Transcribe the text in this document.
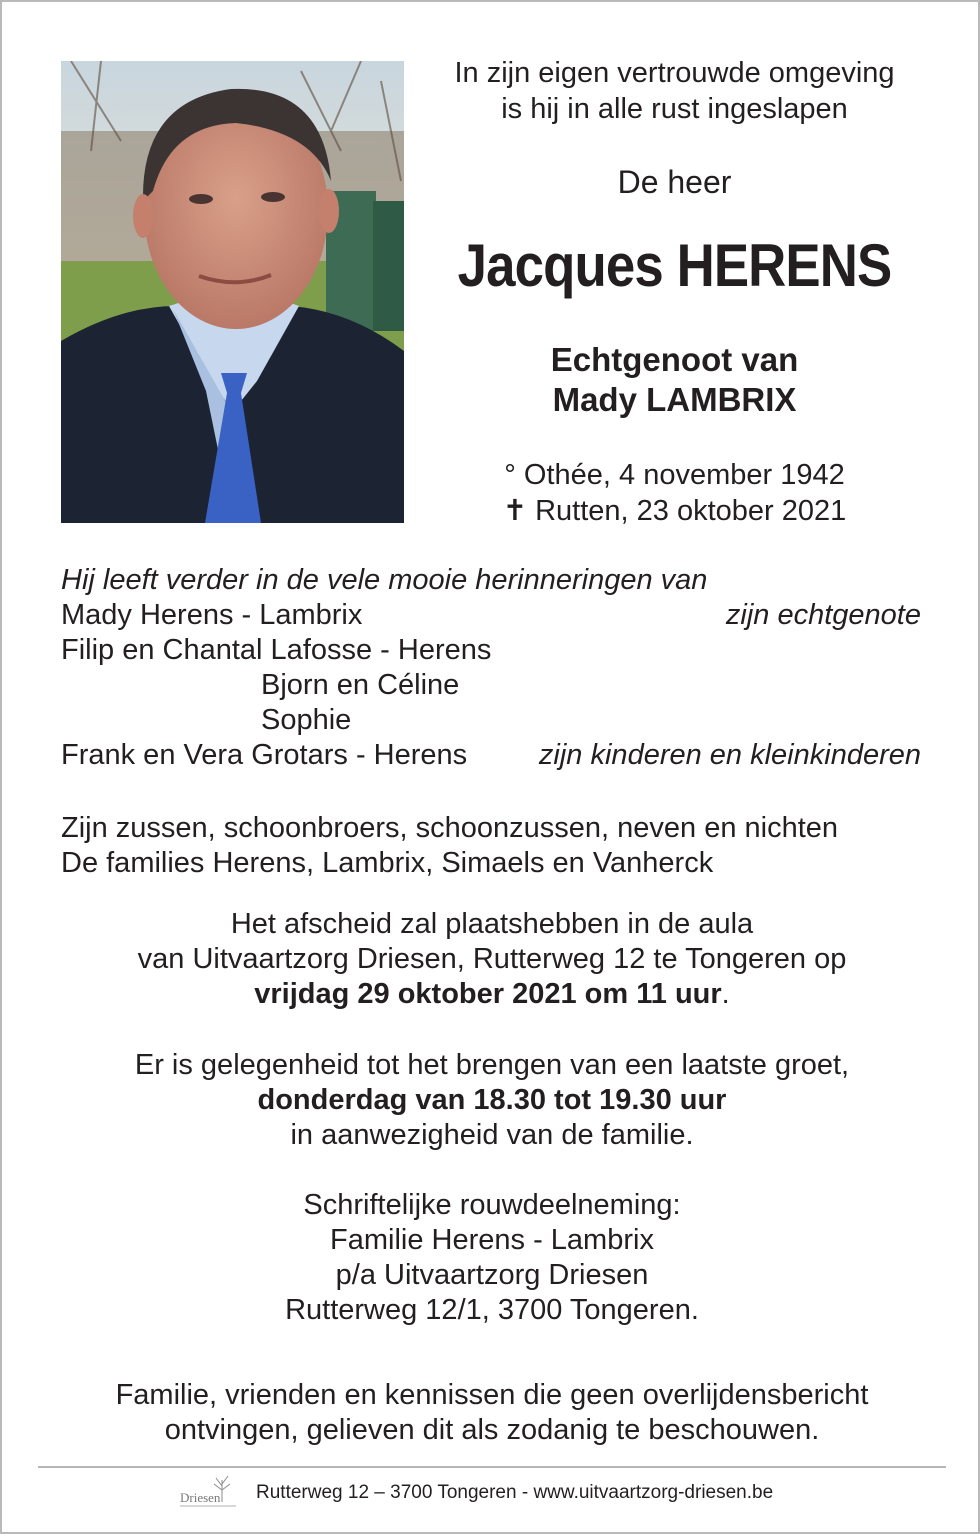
In zijn eigen vertrouwde omgeving
is hij in alle rust ingeslapen
De heer
Jacques HERENS
Echtgenoot van
Mady LAMBRIX
° Othée, 4 november 1942
✝ Rutten, 23 oktober 2021
Hij leeft verder in de vele mooie herinneringen van
Mady Herens - Lambrix	zijn echtgenote
Filip en Chantal Lafosse - Herens
Bjorn en Céline
Sophie
Frank en Vera Grotars - Herens zijn kinderen en kleinkinderen
Zijn zussen, schoonbroers, schoonzussen, neven en nichten
De families Herens, Lambrix, Simaels en Vanherck
Het afscheid zal plaatshebben in de aula
van Uitvaartzorg Driesen, Rutterweg 12 te Tongeren op
vrijdag 29 oktober 2021 om 11 uur.
Er is gelegenheid tot het brengen van een laatste groet,
donderdag van 18.30 tot 19.30 uur
in aanwezigheid van de familie.
Schriftelijke rouwdeelneming:
Familie Herens - Lambrix
p/a Uitvaartzorg Driesen
Rutterweg 12/1, 3700 Tongeren.
Familie, vrienden en kennissen die geen overlijdensbericht
ontvingen, gelieven dit als zodanig te beschouwen.
Driesen Rutterweg 12 – 3700 Tongeren - www.uitvaartzorg-driesen.be
